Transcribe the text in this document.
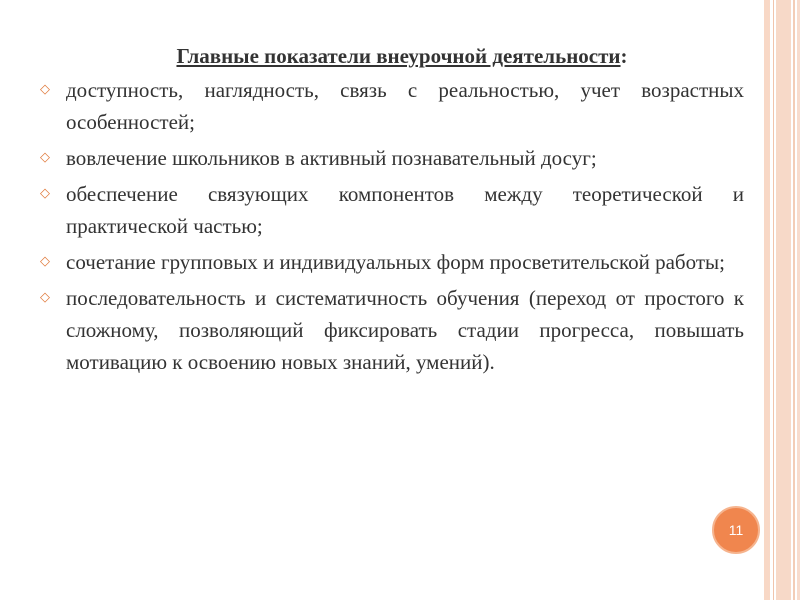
Главные показатели внеурочной деятельности:

◇ доступность, наглядность, связь с реальностью, учет возрастных особенностей;
◇ вовлечение школьников в активный познавательный досуг;
◇ обеспечение связующих компонентов между теоретической и практической частью;
◇ сочетание групповых и индивидуальных форм просветительской работы;
◇ последовательность и систематичность обучения (переход от простого к сложному, позволяющий фиксировать стадии прогресса, повышать мотивацию к освоению новых знаний, умений).
11
